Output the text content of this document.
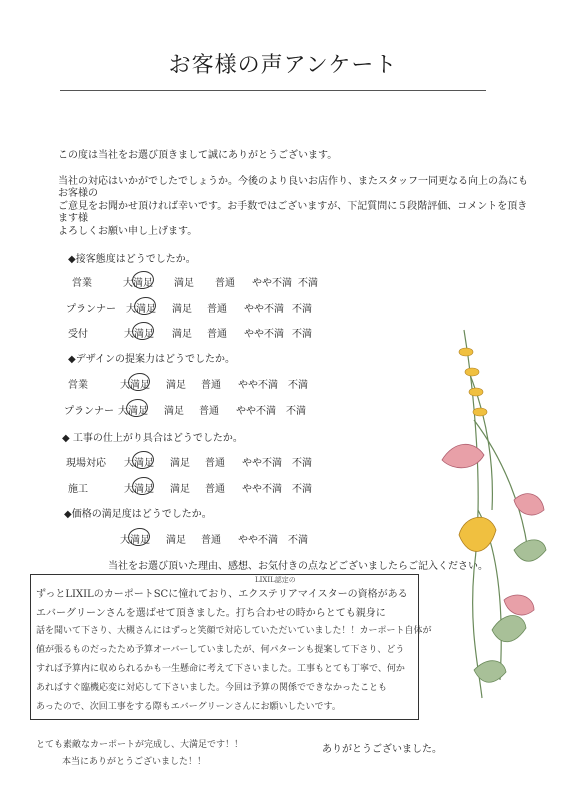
お客様の声アンケート
この度は当社をお選び頂きまして誠にありがとうございます。
当社の対応はいかがでしたでしょうか。今後のより良いお店作り、またスタッフ一同更なる向上の為にもお客様の
ご意見をお聞かせ頂ければ幸いです。お手数ではございますが、下記質問に５段階評価、コメントを頂きます様
よろしくお願い申し上げます。
◆接客態度はどうでしたか。
営業	大満足 満足 普通 やや不満 不満
プランナー 大満足 満足 普通 やや不満 不満
受付	大満足 満足 普通 やや不満 不満
◆デザインの提案力はどうでしたか。
営業	大満足 満足 普通 やや不満 不満
プランナー 大満足 満足 普通 やや不満 不満
◆ 工事の仕上がり具合はどうでしたか。
現場対応 大満足 満足 普通 やや不満 不満
施工	大満足 満足 普通 やや不満 不満
◆価格の満足度はどうでしたか。
大満足 満足 普通 やや不満 不満
当社をお選び頂いた理由、感想、お気付きの点などございましたらご記入ください。
LIXIL認定の
ずっとLIXILのカーポートSCに憧れており、エクステリアマイスターの資格がある
エバーグリーンさんを選ばせて頂きました。打ち合わせの時からとても親身に
話を聞いて下さり、大槻さんにはずっと笑顔で対応していただいていました！！カーポート自体が
値が張るものだったため予算オーバーしていましたが、何パターンも提案して下さり、どう
すれば予算内に収められるかも一生懸命に考えて下さいました。工事もとても丁寧で、何か
あればすぐ臨機応変に対応して下さいました。今回は予算の関係でできなかったことも
あったので、次回工事をする際もエバーグリーンさんにお願いしたいです。
とても素敵なカーポートが完成し、大満足です！！
本当にありがとうございました！！
ありがとうございました。
